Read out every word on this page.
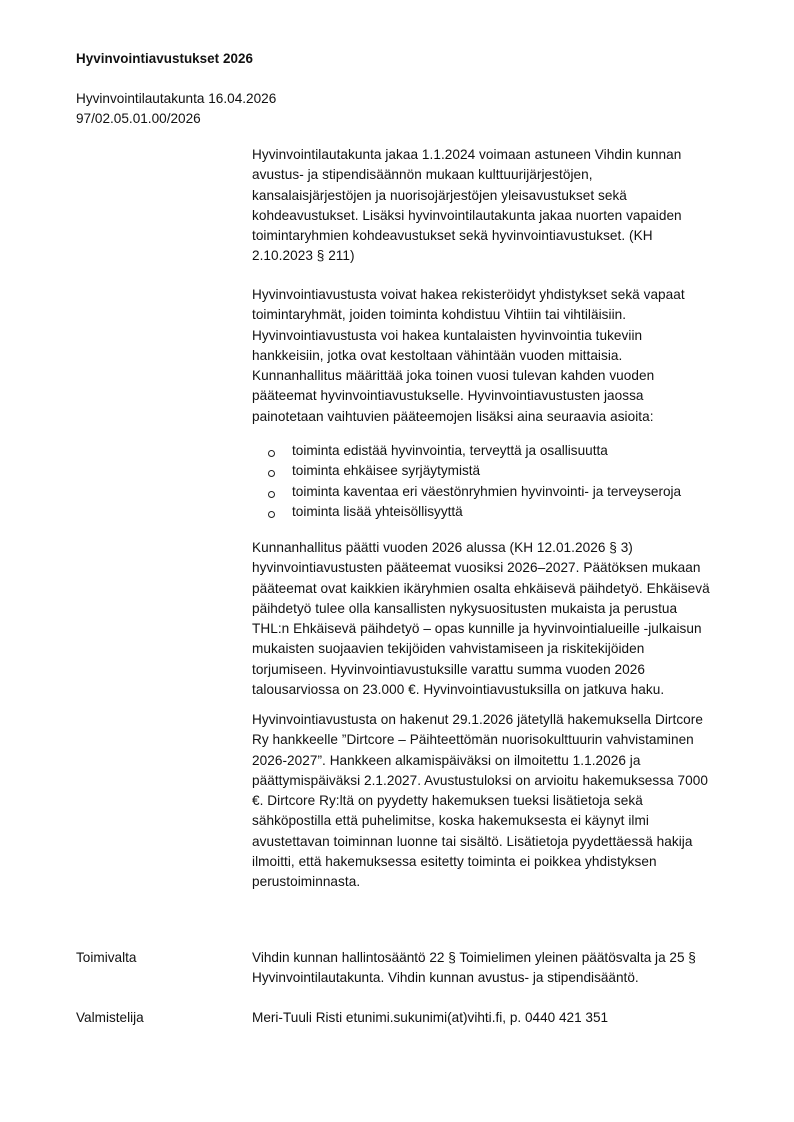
Hyvinvointiavustukset 2026
Hyvinvointilautakunta 16.04.2026
97/02.05.01.00/2026
Hyvinvointilautakunta jakaa 1.1.2024 voimaan astuneen Vihdin kunnan
avustus- ja stipendisäännön mukaan kulttuurijärjestöjen,
kansalaisjärjestöjen ja nuorisojärjestöjen yleisavustukset sekä
kohdeavustukset. Lisäksi hyvinvointilautakunta jakaa nuorten vapaiden
toimintaryhmien kohdeavustukset sekä hyvinvointiavustukset. (KH
2.10.2023 § 211)
Hyvinvointiavustusta voivat hakea rekisteröidyt yhdistykset sekä vapaat
toimintaryhmät, joiden toiminta kohdistuu Vihtiin tai vihtiläisiin.
Hyvinvointiavustusta voi hakea kuntalaisten hyvinvointia tukeviin
hankkeisiin, jotka ovat kestoltaan vähintään vuoden mittaisia.
Kunnanhallitus määrittää joka toinen vuosi tulevan kahden vuoden
pääteemat hyvinvointiavustukselle. Hyvinvointiavustusten jaossa
painotetaan vaihtuvien pääteemojen lisäksi aina seuraavia asioita:
toiminta edistää hyvinvointia, terveyttä ja osallisuutta
toiminta ehkäisee syrjäytymistä
toiminta kaventaa eri väestönryhmien hyvinvointi- ja terveyseroja
toiminta lisää yhteisöllisyyttä
Kunnanhallitus päätti vuoden 2026 alussa (KH 12.01.2026 § 3)
hyvinvointiavustusten pääteemat vuosiksi 2026–2027. Päätöksen mukaan
pääteemat ovat kaikkien ikäryhmien osalta ehkäisevä päihdetyö. Ehkäisevä
päihdetyö tulee olla kansallisten nykysuositusten mukaista ja perustua
THL:n Ehkäisevä päihdetyö – opas kunnille ja hyvinvointialueille -julkaisun
mukaisten suojaavien tekijöiden vahvistamiseen ja riskitekijöiden
torjumiseen. Hyvinvointiavustuksille varattu summa vuoden 2026
talousarviossa on 23.000 €. Hyvinvointiavustuksilla on jatkuva haku.
Hyvinvointiavustusta on hakenut 29.1.2026 jätetyllä hakemuksella Dirtcore
Ry hankkeelle ”Dirtcore – Päihteettömän nuorisokulttuurin vahvistaminen
2026-2027”. Hankkeen alkamispäiväksi on ilmoitettu 1.1.2026 ja
päättymispäiväksi 2.1.2027. Avustustuloksi on arvioitu hakemuksessa 7000
€. Dirtcore Ry:ltä on pyydetty hakemuksen tueksi lisätietoja sekä
sähköpostilla että puhelimitse, koska hakemuksesta ei käynyt ilmi
avustettavan toiminnan luonne tai sisältö. Lisätietoja pyydettäessä hakija
ilmoitti, että hakemuksessa esitetty toiminta ei poikkea yhdistyksen
perustoiminnasta.
Toimivalta	Vihdin kunnan hallintosääntö 22 § Toimielimen yleinen päätösvalta ja 25 §
Hyvinvointilautakunta. Vihdin kunnan avustus- ja stipendisääntö.
Valmistelija	Meri-Tuuli Risti etunimi.sukunimi(at)vihti.fi, p. 0440 421 351
